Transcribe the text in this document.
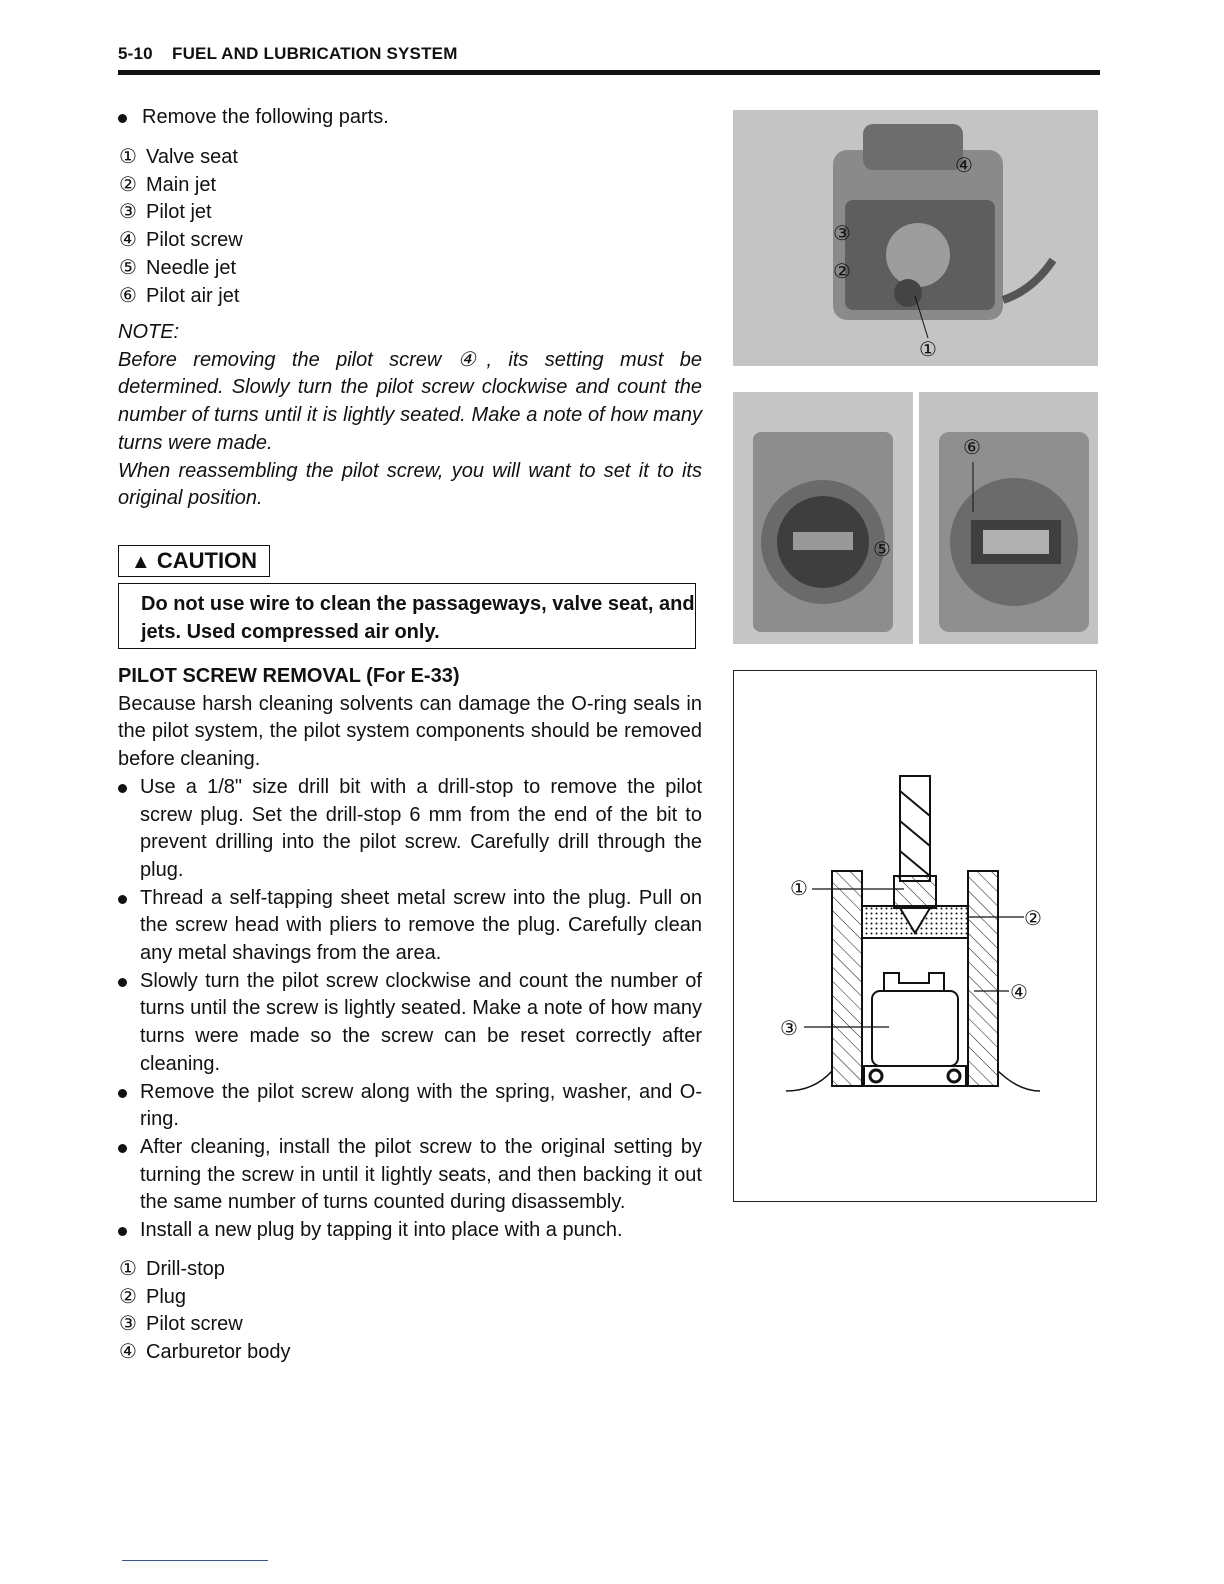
5-10 FUEL AND LUBRICATION SYSTEM
Remove the following parts.
① Valve seat
② Main jet
③ Pilot jet
④ Pilot screw
⑤ Needle jet
⑥ Pilot air jet
NOTE:
Before removing the pilot screw ④, its setting must be determined. Slowly turn the pilot screw clockwise and count the number of turns until it is lightly seated. Make a note of how many turns were made.
When reassembling the pilot screw, you will want to set it to its original position.
▲ CAUTION
Do not use wire to clean the passageways, valve seat, and jets. Used compressed air only.
PILOT SCREW REMOVAL (For E-33)
Because harsh cleaning solvents can damage the O-ring seals in the pilot system, the pilot system components should be removed before cleaning.
Use a 1/8" size drill bit with a drill-stop to remove the pilot screw plug. Set the drill-stop 6 mm from the end of the bit to prevent drilling into the pilot screw. Carefully drill through the plug.
Thread a self-tapping sheet metal screw into the plug. Pull on the screw head with pliers to remove the plug. Carefully clean any metal shavings from the area.
Slowly turn the pilot screw clockwise and count the number of turns until the screw is lightly seated. Make a note of how many turns were made so the screw can be reset correctly after cleaning.
Remove the pilot screw along with the spring, washer, and O-ring.
After cleaning, install the pilot screw to the original setting by turning the screw in until it lightly seats, and then backing it out the same number of turns counted during disassembly.
Install a new plug by tapping it into place with a punch.
① Drill-stop
② Plug
③ Pilot screw
④ Carburetor body
④
③
②
①
⑤
⑥
①
②
③
④
